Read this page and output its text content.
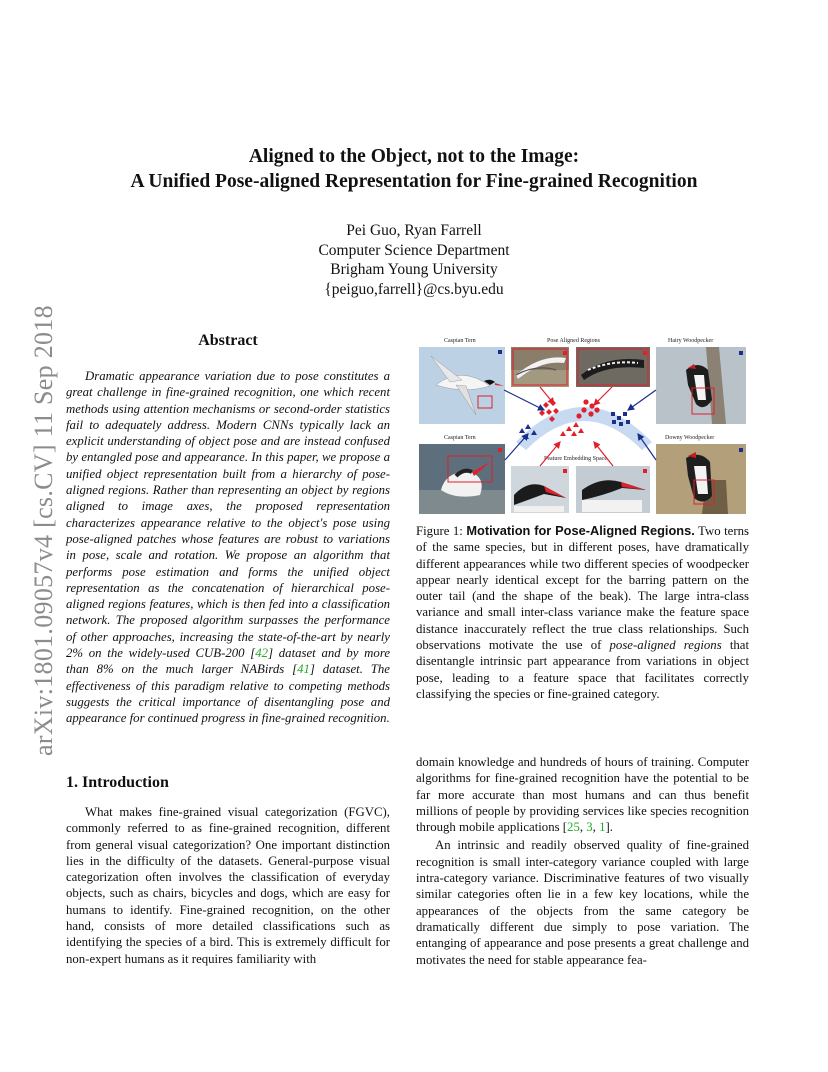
arXiv:1801.09057v4 [cs.CV] 11 Sep 2018
Aligned to the Object, not to the Image:
A Unified Pose-aligned Representation for Fine-grained Recognition
Pei Guo, Ryan Farrell
Computer Science Department
Brigham Young University
{peiguo,farrell}@cs.byu.edu
Abstract

Dramatic appearance variation due to pose constitutes a great challenge in fine-grained recognition, one which recent methods using attention mechanisms or second-order statistics fail to adequately address. Modern CNNs typically lack an explicit understanding of object pose and are instead confused by entangled pose and appearance. In this paper, we propose a unified object representation built from a hierarchy of pose-aligned regions. Rather than representing an object by regions aligned to image axes, the proposed representation characterizes appearance relative to the object's pose using pose-aligned patches whose features are robust to variations in pose, scale and rotation. We propose an algorithm that performs pose estimation and forms the unified object representation as the concatenation of hierarchical pose-aligned regions features, which is then fed into a classification network. The proposed algorithm surpasses the performance of other approaches, increasing the state-of-the-art by nearly 2% on the widely-used CUB-200 [42] dataset and by more than 8% on the much larger NABirds [41] dataset. The effectiveness of this paradigm relative to competing methods suggests the critical importance of disentangling pose and appearance for continued progress in fine-grained recognition.

1. Introduction

What makes fine-grained visual categorization (FGVC), commonly referred to as fine-grained recognition, different from general visual categorization? One important distinction lies in the difficulty of the datasets. General-purpose visual categorization often involves the classification of everyday objects, such as chairs, bicycles and dogs, which are easy for humans to identify. Fine-grained recognition, on the other hand, consists of more detailed classifications such as identifying the species of a bird. This is extremely difficult for non-expert humans as it requires familiarity with

Caspian Tern	Pose Aligned Regions	Hairy Woodpecker
Caspian Tern	Downy Woodpecker
Feature Embedding Space
Figure 1: Motivation for Pose-Aligned Regions. Two terns of the same species, but in different poses, have dramatically different appearances while two different species of woodpecker appear nearly identical except for the barring pattern on the outer tail (and the shape of the beak). The large intra-class variance and small inter-class variance make the feature space distance inaccurately reflect the true class relationships. Such observations motivate the use of pose-aligned regions that disentangle intrinsic part appearance from variations in object pose, leading to a feature space that facilitates correctly classifying the species or fine-grained category.

domain knowledge and hundreds of hours of training. Computer algorithms for fine-grained recognition have the potential to be far more accurate than most humans and can thus benefit millions of people by providing services like species recognition through mobile applications [25, 3, 1].

An intrinsic and readily observed quality of fine-grained recognition is small inter-category variance coupled with large intra-category variance. Discriminative features of two visually similar categories often lie in a few key locations, while the appearances of the objects from the same category be dramatically different due simply to pose variation. The entanging of appearance and pose presents a great challenge and motivates the need for stable appearance fea-
